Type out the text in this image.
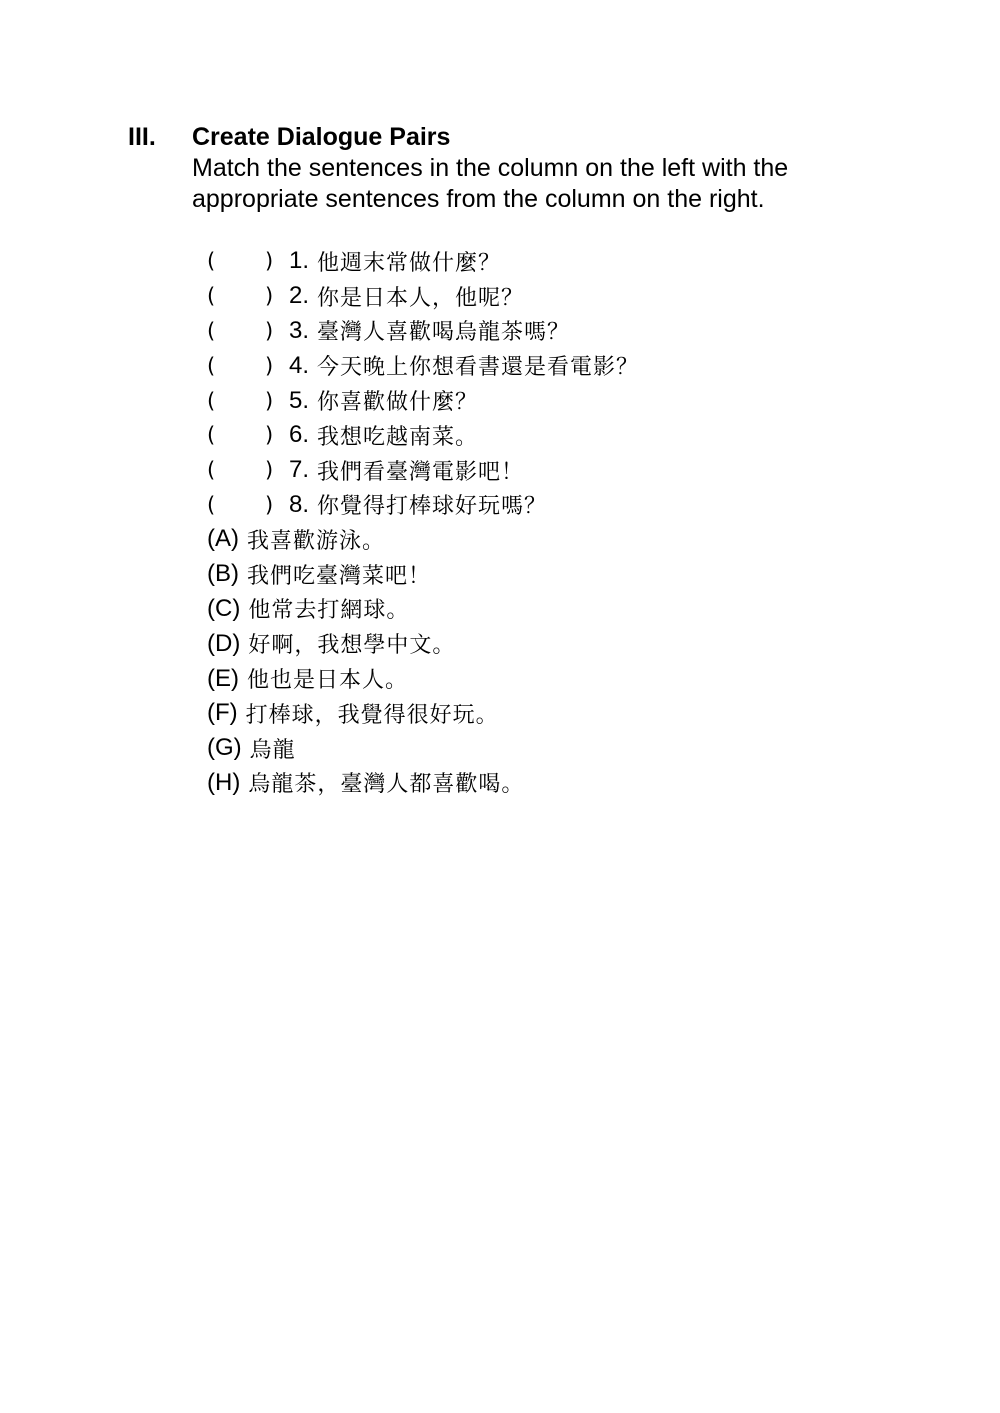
III. Create Dialogue Pairs
Match the sentences in the column on the left with the appropriate sentences from the column on the right.
(	) 1. 他週末常做什麼？
(	) 2. 你是日本人，他呢？
(	) 3. 臺灣人喜歡喝烏龍茶嗎？
(	) 4. 今天晚上你想看書還是看電影？
(	) 5. 你喜歡做什麼？
(	) 6. 我想吃越南菜。
(	) 7. 我們看臺灣電影吧！
(	) 8. 你覺得打棒球好玩嗎？
(A) 我喜歡游泳。
(B) 我們吃臺灣菜吧！
(C) 他常去打網球。
(D) 好啊，我想學中文。
(E) 他也是日本人。
(F) 打棒球，我覺得很好玩。
(G) 烏龍
(H) 烏龍茶，臺灣人都喜歡喝。
